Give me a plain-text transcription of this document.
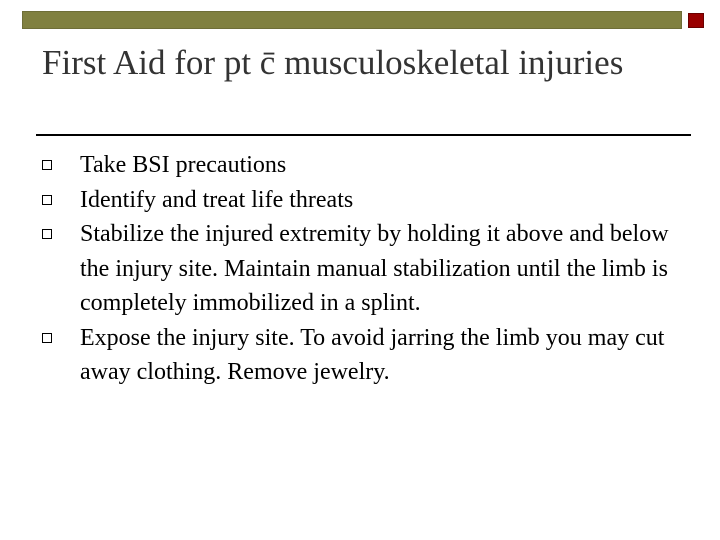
First Aid for pt c̄ musculoskeletal injuries
Take BSI precautions
Identify and treat life threats
Stabilize the injured extremity by holding it above and below the injury site. Maintain manual stabilization until the limb is completely immobilized in a splint.
Expose the injury site. To avoid jarring the limb you may cut away clothing. Remove jewelry.
